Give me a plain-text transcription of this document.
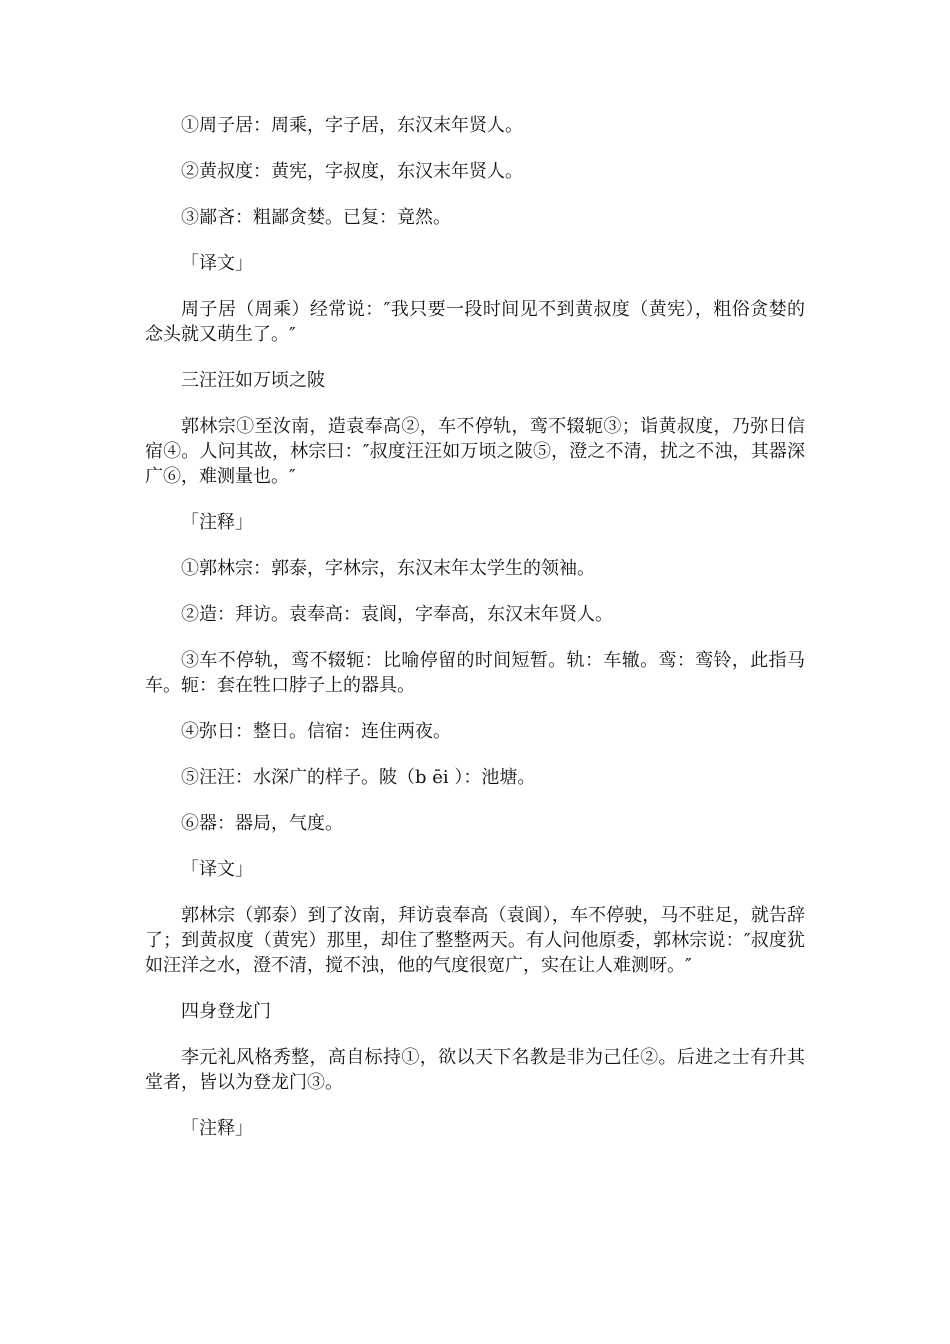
①周子居：周乘，字子居，东汉末年贤人。

②黄叔度：黄宪，字叔度，东汉末年贤人。

③鄙吝：粗鄙贪婪。已复：竟然。

「译文」

周子居（周乘）经常说：″我只要一段时间见不到黄叔度（黄宪），粗俗贪婪的念头就又萌生了。″

三汪汪如万顷之陂

郭林宗①至汝南，造袁奉高②，车不停轨，鸾不辍轭③；诣黄叔度，乃弥日信宿④。人问其故，林宗曰：″叔度汪汪如万顷之陂⑤，澄之不清，扰之不浊，其器深广⑥，难测量也。″

「注释」

①郭林宗：郭泰，字林宗，东汉末年太学生的领袖。

②造：拜访。袁奉高：袁阆，字奉高，东汉末年贤人。

③车不停轨，鸾不辍轭：比喻停留的时间短暂。轨：车辙。鸾：鸾铃，此指马车。轭：套在牲口脖子上的器具。

④弥日：整日。信宿：连住两夜。

⑤汪汪：水深广的样子。陂（b ēi ）：池塘。

⑥器：器局，气度。

「译文」

郭林宗（郭泰）到了汝南，拜访袁奉高（袁阆），车不停驶，马不驻足，就告辞了；到黄叔度（黄宪）那里，却住了整整两天。有人问他原委，郭林宗说：″叔度犹如汪洋之水，澄不清，搅不浊，他的气度很宽广，实在让人难测呀。″

四身登龙门

李元礼风格秀整，高自标持①，欲以天下名教是非为己任②。后进之士有升其堂者，皆以为登龙门③。

「注释」
